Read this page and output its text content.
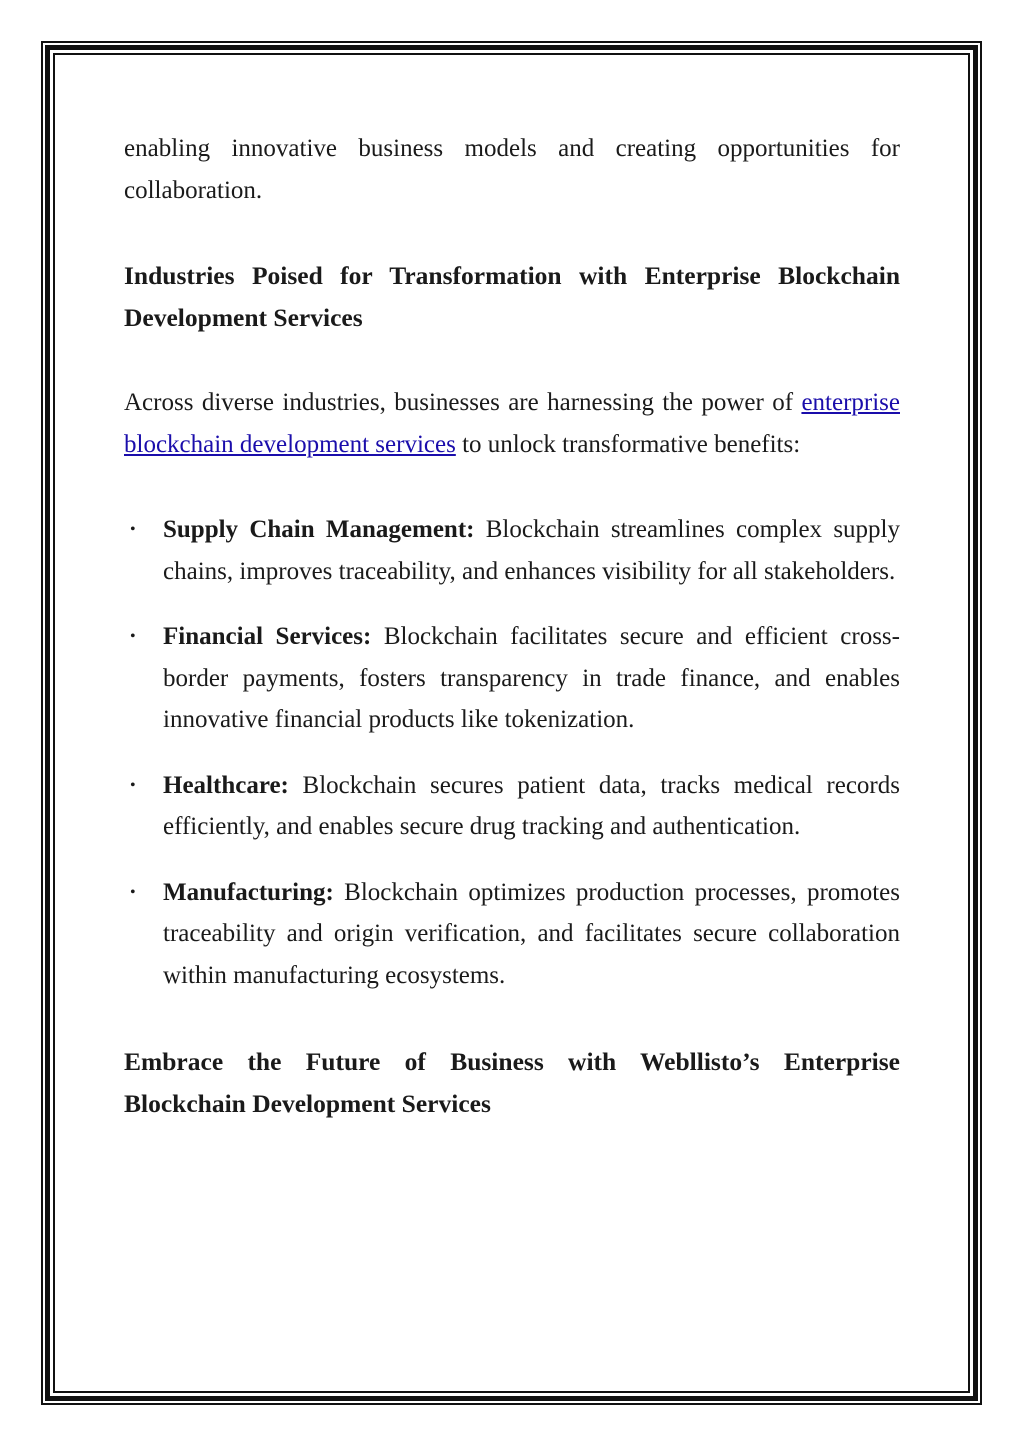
enabling innovative business models and creating opportunities for collaboration.

Industries Poised for Transformation with Enterprise Blockchain Development Services

Across diverse industries, businesses are harnessing the power of enterprise blockchain development services to unlock transformative benefits:

• Supply Chain Management: Blockchain streamlines complex supply chains, improves traceability, and enhances visibility for all stakeholders.
• Financial Services: Blockchain facilitates secure and efficient cross-border payments, fosters transparency in trade finance, and enables innovative financial products like tokenization.
• Healthcare: Blockchain secures patient data, tracks medical records efficiently, and enables secure drug tracking and authentication.
• Manufacturing: Blockchain optimizes production processes, promotes traceability and origin verification, and facilitates secure collaboration within manufacturing ecosystems.
Embrace the Future of Business with Webllisto’s Enterprise Blockchain Development Services
